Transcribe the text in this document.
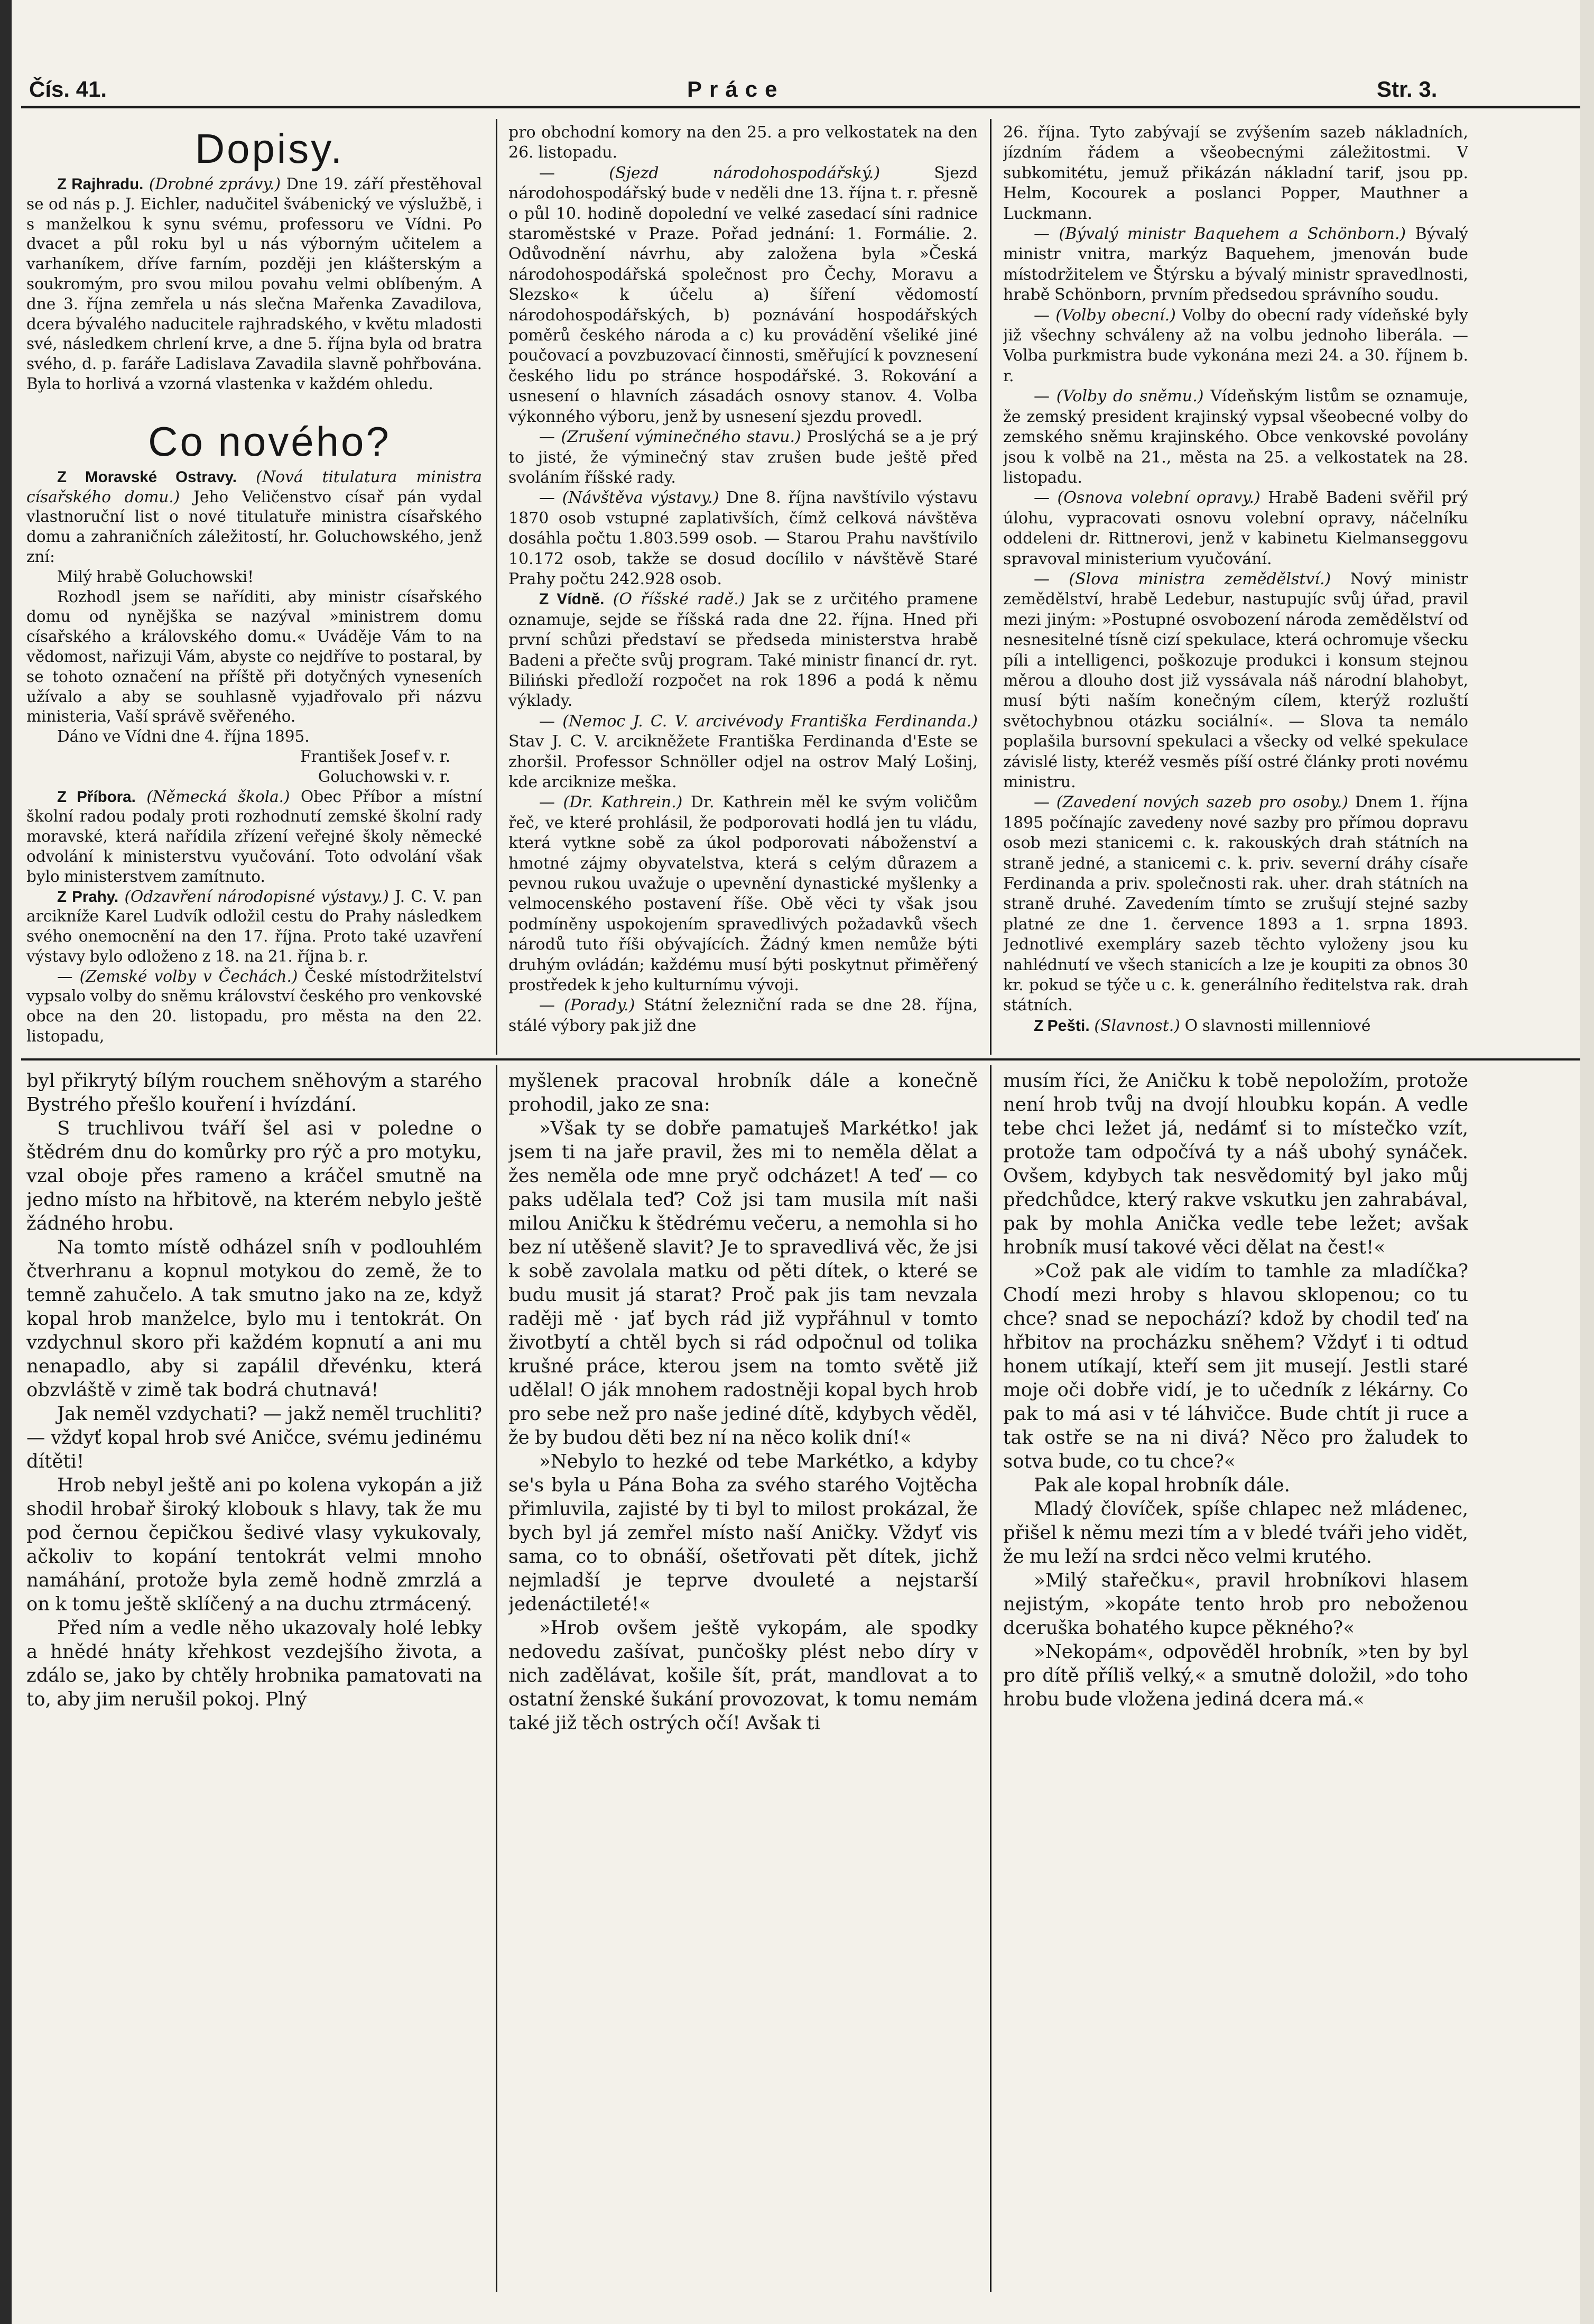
Čís. 41.	Práce	Str. 3.

Dopisy.

Z Rajhradu. (Drobné zprávy.) Dne 19. září přestěhoval se od nás p. J. Eichler, nadučitel švábenický ve výslužbě, i s manželkou k synu svému, professoru ve Vídni. Po dvacet a půl roku byl u nás výborným učitelem a varhaníkem, dříve farním, později jen klášterským a soukromým, pro svou milou povahu velmi oblíbeným. A dne 3. října zemřela u nás slečna Mařenka Zavadilova, dcera bývalého naducitele rajhradského, v květu mladosti své, následkem chrlení krve, a dne 5. října byla od bratra svého, d. p. faráře Ladislava Zavadila slavně pohřbována. Byla to horlivá a vzorná vlastenka v každém ohledu.

Co nového?

Z Moravské Ostravy. (Nová titulatura ministra císařského domu.) Jeho Veličenstvo císař pán vydal vlastnoruční list o nové titulatuře ministra císařského domu a zahraničních záležitostí, hr. Goluchowského, jenž zní:

Milý hrabě Goluchowski!

Rozhodl jsem se naříditi, aby ministr císařského domu od nynějška se nazýval »ministrem domu císařského a královského domu.« Uváděje Vám to na vědomost, nařizuji Vám, abyste co nejdříve to postaral, by se tohoto označení na příště při dotyčných vyneseních užívalo a aby se souhlasně vyjadřovalo při názvu ministeria, Vaší správě svěřeného.

Dáno ve Vídni dne 4. října 1895.

František Josef v. r.

Goluchowski v. r.

Z Příbora. (Německá škola.) Obec Příbor a místní školní radou podaly proti rozhodnutí zemské školní rady moravské, která nařídila zřízení veřejné školy německé odvolání k ministerstvu vyučování. Toto odvolání však bylo ministerstvem zamítnuto.

Z Prahy. (Odzavření národopisné výstavy.) J. C. V. pan arcikníže Karel Ludvík odložil cestu do Prahy následkem svého onemocnění na den 17. října. Proto také uzavření výstavy bylo odloženo z 18. na 21. října b. r.

— (Zemské volby v Čechách.) České místodržitelství vypsalo volby do sněmu království českého pro venkovské obce na den 20. listopadu, pro města na den 22. listopadu,

pro obchodní komory na den 25. a pro velkostatek na den 26. listopadu.

— (Sjezd národohospodářský.)	Sjezd národohospodářský bude v neděli dne 13. října t. r. přesně o půl 10. hodině dopolední ve velké zasedací síni radnice staroměstské v Praze. Pořad jednání: 1. Formálie. 2. Odůvodnění návrhu, aby založena byla »Česká národohospodářská společnost pro Čechy, Moravu a Slezsko« k účelu a) šíření vědomostí národohospodářských, b) poznávání hospodářských poměrů českého národa a c) ku provádění všeliké jiné poučovací a povzbuzovací činnosti, směřující k povznesení českého lidu po stránce hospodářské. 3. Rokování a usnesení o hlavních zásadách osnovy stanov. 4. Volba výkonného výboru, jenž by usnesení sjezdu provedl.

— (Zrušení výminečného stavu.) Proslýchá se a je prý to jisté, že výminečný stav zrušen bude ještě před svoláním říšské rady.

— (Návštěva výstavy.) Dne 8. října navštívilo výstavu 1870 osob vstupné zaplativších, čímž celková návštěva dosáhla počtu 1.803.599 osob. — Starou Prahu navštívilo 10.172 osob, takže se dosud docílilo v návštěvě Staré Prahy počtu 242.928 osob.

Z Vídně. (O říšské radě.) Jak se z určitého pramene oznamuje, sejde se říšská rada dne 22. října. Hned při první schůzi představí se předseda ministerstva hrabě Badeni a přečte svůj program. Také ministr financí dr. ryt. Biliński předloží rozpočet na rok 1896 a podá k němu výklady.

— (Nemoc J. C. V. arcivévody Františka Ferdinanda.) Stav J. C. V. arcikněžete Františka Ferdinanda d'Este se zhoršil. Professor Schnöller odjel na ostrov Malý Lošinj, kde arciknize meška.

— (Dr. Kathrein.) Dr. Kathrein měl ke svým voličům řeč, ve které prohlásil, že podporovati hodlá jen tu vládu, která vytkne sobě za úkol podporovati náboženství a hmotné zájmy obyvatelstva, která s celým důrazem a pevnou rukou uvažuje o upevnění dynastické myšlenky a velmocenského postavení říše. Obě věci ty však jsou podmíněny uspokojením spravedlivých požadavků všech národů tuto říši obývajících. Žádný kmen nemůže býti druhým ovládán; každému musí býti poskytnut přiměřený prostředek k jeho kulturnímu vývoji.

— (Porady.) Státní železniční rada se dne 28. října, stálé výbory pak již dne

26. října. Tyto zabývají se zvýšením sazeb nákladních, jízdním řádem a všeobecnými záležitostmi. V subkomitétu, jemuž přikázán nákladní tarif, jsou pp. Helm, Kocourek a poslanci Popper, Mauthner a Luckmann.

— (Bývalý ministr Baquehem a Schönborn.) Bývalý ministr vnitra, markýz Baquehem, jmenován bude místodržitelem ve Štýrsku a bývalý ministr spravedlnosti, hrabě Schönborn, prvním předsedou správního soudu.

— (Volby obecní.) Volby do obecní rady vídeňské byly již všechny schváleny až na volbu jednoho liberála. — Volba purkmistra bude vykonána mezi 24. a 30. říjnem b. r.

— (Volby do sněmu.) Vídeňským listům se oznamuje, že zemský president krajinský vypsal všeobecné volby do zemského sněmu krajinského. Obce venkovské povolány jsou k volbě na 21., města na 25. a velkostatek na 28. listopadu.

— (Osnova volební opravy.) Hrabě Badeni svěřil prý úlohu, vypracovati osnovu volební opravy, náčelníku oddeleni dr. Rittnerovi, jenž v kabinetu Kielmanseggovu spravoval ministerium vyučování.

— (Slova ministra zemědělství.) Nový ministr zemědělství, hrabě Ledebur, nastupujíc svůj úřad, pravil mezi jiným: »Postupné osvobození národa zemědělství od nesnesitelné tísně cizí spekulace, která ochromuje všecku píli a intelligenci, poškozuje produkci i konsum stejnou měrou a dlouho dost již vyssávala náš národní blahobyt, musí býti naším konečným cílem, kterýž rozluští světochybnou otázku sociální«. — Slova ta nemálo poplašila bursovní spekulaci a všecky od velké spekulace závislé listy, kteréž vesměs píší ostré články proti novému ministru.

— (Zavedení nových sazeb pro osoby.) Dnem 1. října 1895 počínajíc zavedeny nové sazby pro přímou dopravu osob mezi stanicemi c. k. rakouských drah státních na straně jedné, a stanicemi c. k. priv. severní dráhy císaře Ferdinanda a priv. společnosti rak. uher. drah státních na straně druhé. Zavedením tímto se zrušují stejné sazby platné ze dne 1. července 1893 a 1. srpna 1893. Jednotlivé exempláry sazeb těchto vyloženy jsou ku nahlédnutí ve všech stanicích a lze je koupiti za obnos 30 kr. pokud se týče u c. k. generálního ředitelstva rak. drah státních.

Z Pešti. (Slavnost.) O slavnosti millenniové

byl přikrytý bílým rouchem sněhovým a starého Bystrého přešlo kouření i hvízdání.

S truchlivou tváří šel asi v poledne o štědrém dnu do komůrky pro rýč a pro motyku, vzal oboje přes rameno a kráčel smutně na jedno místo na hřbitově, na kterém nebylo ještě žádného hrobu.

Na tomto místě odházel sníh v podlouhlém čtverhranu a kopnul motykou do země, že to temně zahučelo. A tak smutno jako na ze, když kopal hrob manželce, bylo mu i tentokrát. On vzdychnul skoro při každém kopnutí a ani mu nenapadlo, aby si zapálil dřevénku, která obzvláště v zimě tak bodrá chutnavá!

Jak neměl vzdychati? — jakž neměl truchliti? — vždyť kopal hrob své Aničce, svému jedinému dítěti!

Hrob nebyl ještě ani po kolena vykopán a již shodil hrobař široký klobouk s hlavy, tak že mu pod černou čepičkou šedivé vlasy vykukovaly, ačkoliv to kopání tentokrát velmi mnoho namáhání, protože byla země hodně zmrzlá a on k tomu ještě sklíčený a na duchu ztrmácený.

Před ním a vedle něho ukazovaly holé lebky a hnědé hnáty křehkost vezdejšího života, a zdálo se, jako by chtěly hrobnika pamatovati na to, aby jim nerušil pokoj. Plný

myšlenek pracoval hrobník dále a konečně prohodil, jako ze sna:

»Však ty se dobře pamatuješ Markétko! jak jsem ti na jaře pravil, žes mi to neměla dělat a žes neměla ode mne pryč odcházet! A teď — co paks udělala teď? Což jsi tam musila mít naši milou Aničku k štědrému večeru, a nemohla si ho bez ní utěšeně slavit? Je to spravedlivá věc, že jsi k sobě zavolala matku od pěti dítek, o které se budu musit já starat? Proč pak jis tam nevzala raději mě · jať bych rád již vypřáhnul v tomto životbytí a chtěl bych si rád odpočnul od tolika krušné práce, kterou jsem na tomto světě již udělal! O ják mnohem radostněji kopal bych hrob pro sebe než pro naše jediné dítě, kdybych věděl, že by budou děti bez ní na něco kolik dní!«

»Nebylo to hezké od tebe Markétko, a kdyby se's byla u Pána Boha za svého starého Vojtěcha přimluvila, zajisté by ti byl to milost prokázal, že bych byl já zemřel místo naší Aničky. Vždyť vis sama, co to obnáší, ošetřovati pět dítek, jichž nejmladší je teprve dvouleté a nejstarší jedenáctileté!«

»Hrob ovšem ještě vykopám, ale spodky nedovedu zašívat, punčošky plést nebo díry v nich zadělávat, košile šít, prát, mandlovat a to ostatní ženské šukání provozovat, k tomu nemám také již těch ostrých očí! Avšak ti

musím říci, že Aničku k tobě nepoložím, protože není hrob tvůj na dvojí hloubku kopán. A vedle tebe chci ležet já, nedámť si to místečko vzít, protože tam odpočívá ty a náš ubohý synáček. Ovšem, kdybych tak nesvědomitý byl jako můj předchůdce, který rakve vskutku jen zahrabával, pak by mohla Anička vedle tebe ležet; avšak hrobník musí takové věci dělat na čest!«

»Což pak ale vidím to tamhle za mladíčka? Chodí mezi hroby s hlavou sklopenou; co tu chce? snad se nepochází? kdož by chodil teď na hřbitov na procházku sněhem? Vždyť i ti odtud honem utíkají, kteří sem jit musejí. Jestli staré moje oči dobře vidí, je to učedník z lékárny. Co pak to má asi v té láhvičce. Bude chtít ji ruce a tak ostře se na ni divá? Něco pro žaludek to sotva bude, co tu chce?«

Pak ale kopal hrobník dále.

Mladý človíček, spíše chlapec než mládenec, přišel k němu mezi tím a v bledé tváři jeho vidět, že mu leží na srdci něco velmi krutého.

»Milý stařečku«, pravil hrobníkovi hlasem nejistým, »kopáte tento hrob pro neboženou dceruška bohatého kupce pěkného?«

»Nekopám«, odpověděl hrobník, »ten by byl pro dítě příliš velký,« a smutně doložil, »do toho hrobu bude vložena jediná dcera má.«
